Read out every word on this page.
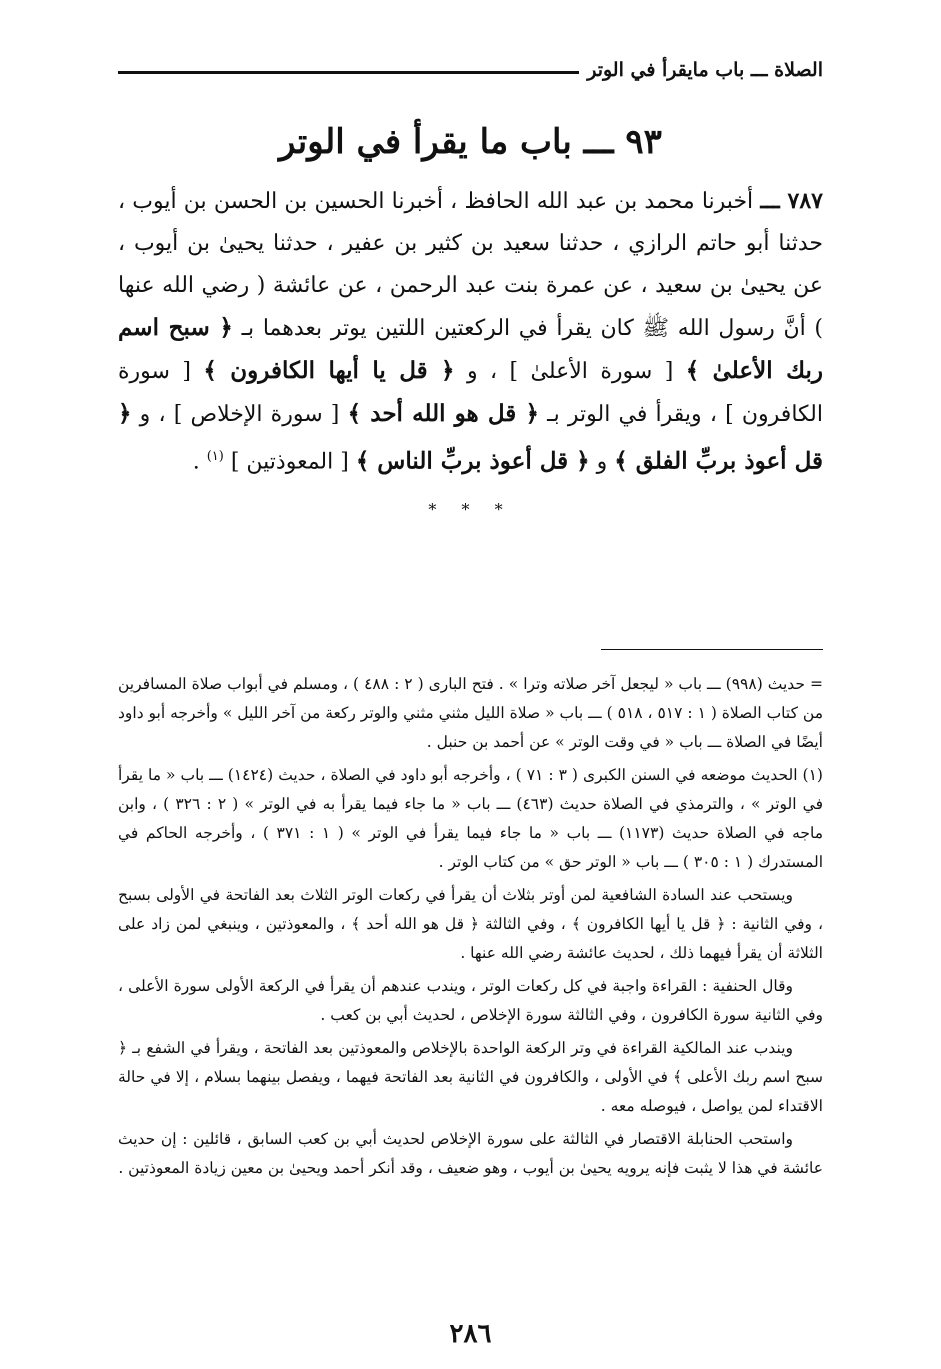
الصلاة ـــ باب مايقرأ في الوتر
٩٣ ـــ باب ما يقرأ في الوتر

٧٨٧ ـــ أخبرنا محمد بن عبد الله الحافظ ، أخبرنا الحسين بن الحسن بن أيوب ، حدثنا أبو حاتم الرازي ، حدثنا سعيد بن كثير بن عفير ، حدثنا يحيىٰ بن أيوب ، عن يحيىٰ بن سعيد ، عن عمرة بنت عبد الرحمن ، عن عائشة ( رضي الله عنها ) أنَّ رسول الله ﷺ كان يقرأ في الركعتين اللتين يوتر بعدهما بـ ﴿ سبح اسم ربك الأعلىٰ ﴾ [ سورة الأعلىٰ ] ، و ﴿ قل يا أيها الكافرون ﴾ [ سورة الكافرون ] ، ويقرأ في الوتر بـ ﴿ قل هو الله أحد ﴾ [ سورة الإخلاص ] ، و ﴿ قل أعوذ بربِّ الفلق ﴾ و ﴿ قل أعوذ بربِّ الناس ﴾ [ المعوذتين ] $^{(١)}$ .

* * *

= حديث (٩٩٨) ـــ باب « ليجعل آخر صلاته وترا » . فتح البارى ( ٢ : ٤٨٨ ) ، ومسلم في أبواب صلاة المسافرين من كتاب الصلاة ( ١ : ٥١٧ ، ٥١٨ ) ـــ باب « صلاة الليل مثني مثني والوتر ركعة من آخر الليل » وأخرجه أبو داود أيضًا في الصلاة ـــ باب « في وقت الوتر » عن أحمد بن حنبل .

(١) الحديث موضعه في السنن الكبرى ( ٣ : ٧١ ) ، وأخرجه أبو داود في الصلاة ، حديث (١٤٢٤) ـــ باب « ما يقرأ في الوتر » ، والترمذي في الصلاة حديث (٤٦٣) ـــ باب « ما جاء فيما يقرأ به في الوتر » ( ٢ : ٣٢٦ ) ، وابن ماجه في الصلاة حديث (١١٧٣) ـــ باب « ما جاء فيما يقرأ في الوتر » ( ١ : ٣٧١ ) ، وأخرجه الحاكم في المستدرك ( ١ : ٣٠٥ ) ـــ باب « الوتر حق » من كتاب الوتر .

ويستحب عند السادة الشافعية لمن أوتر بثلاث أن يقرأ في ركعات الوتر الثلاث بعد الفاتحة في الأولى بسبح ، وفي الثانية : ﴿ قل يا أيها الكافرون ﴾ ، وفي الثالثة ﴿ قل هو الله أحد ﴾ ، والمعوذتين ، وينبغي لمن زاد على الثلاثة أن يقرأ فيهما ذلك ، لحديث عائشة رضي الله عنها .

وقال الحنفية : القراءة واجبة في كل ركعات الوتر ، ويندب عندهم أن يقرأ في الركعة الأولى سورة الأعلى ، وفي الثانية سورة الكافرون ، وفي الثالثة سورة الإخلاص ، لحديث أبي بن كعب .

ويندب عند المالكية القراءة في وتر الركعة الواحدة بالإخلاص والمعوذتين بعد الفاتحة ، ويقرأ في الشفع بـ ﴿ سبح اسم ربك الأعلى ﴾ في الأولى ، والكافرون في الثانية بعد الفاتحة فيهما ، ويفصل بينهما بسلام ، إلا في حالة الاقتداء لمن يواصل ، فيوصله معه .

واستحب الحنابلة الاقتصار في الثالثة على سورة الإخلاص لحديث أبي بن كعب السابق ، قائلين : إن حديث عائشة في هذا لا يثبت فإنه يرويه يحيىٰ بن أيوب ، وهو ضعيف ، وقد أنكر أحمد ويحيىٰ بن معين زيادة المعوذتين .

٢٨٦
